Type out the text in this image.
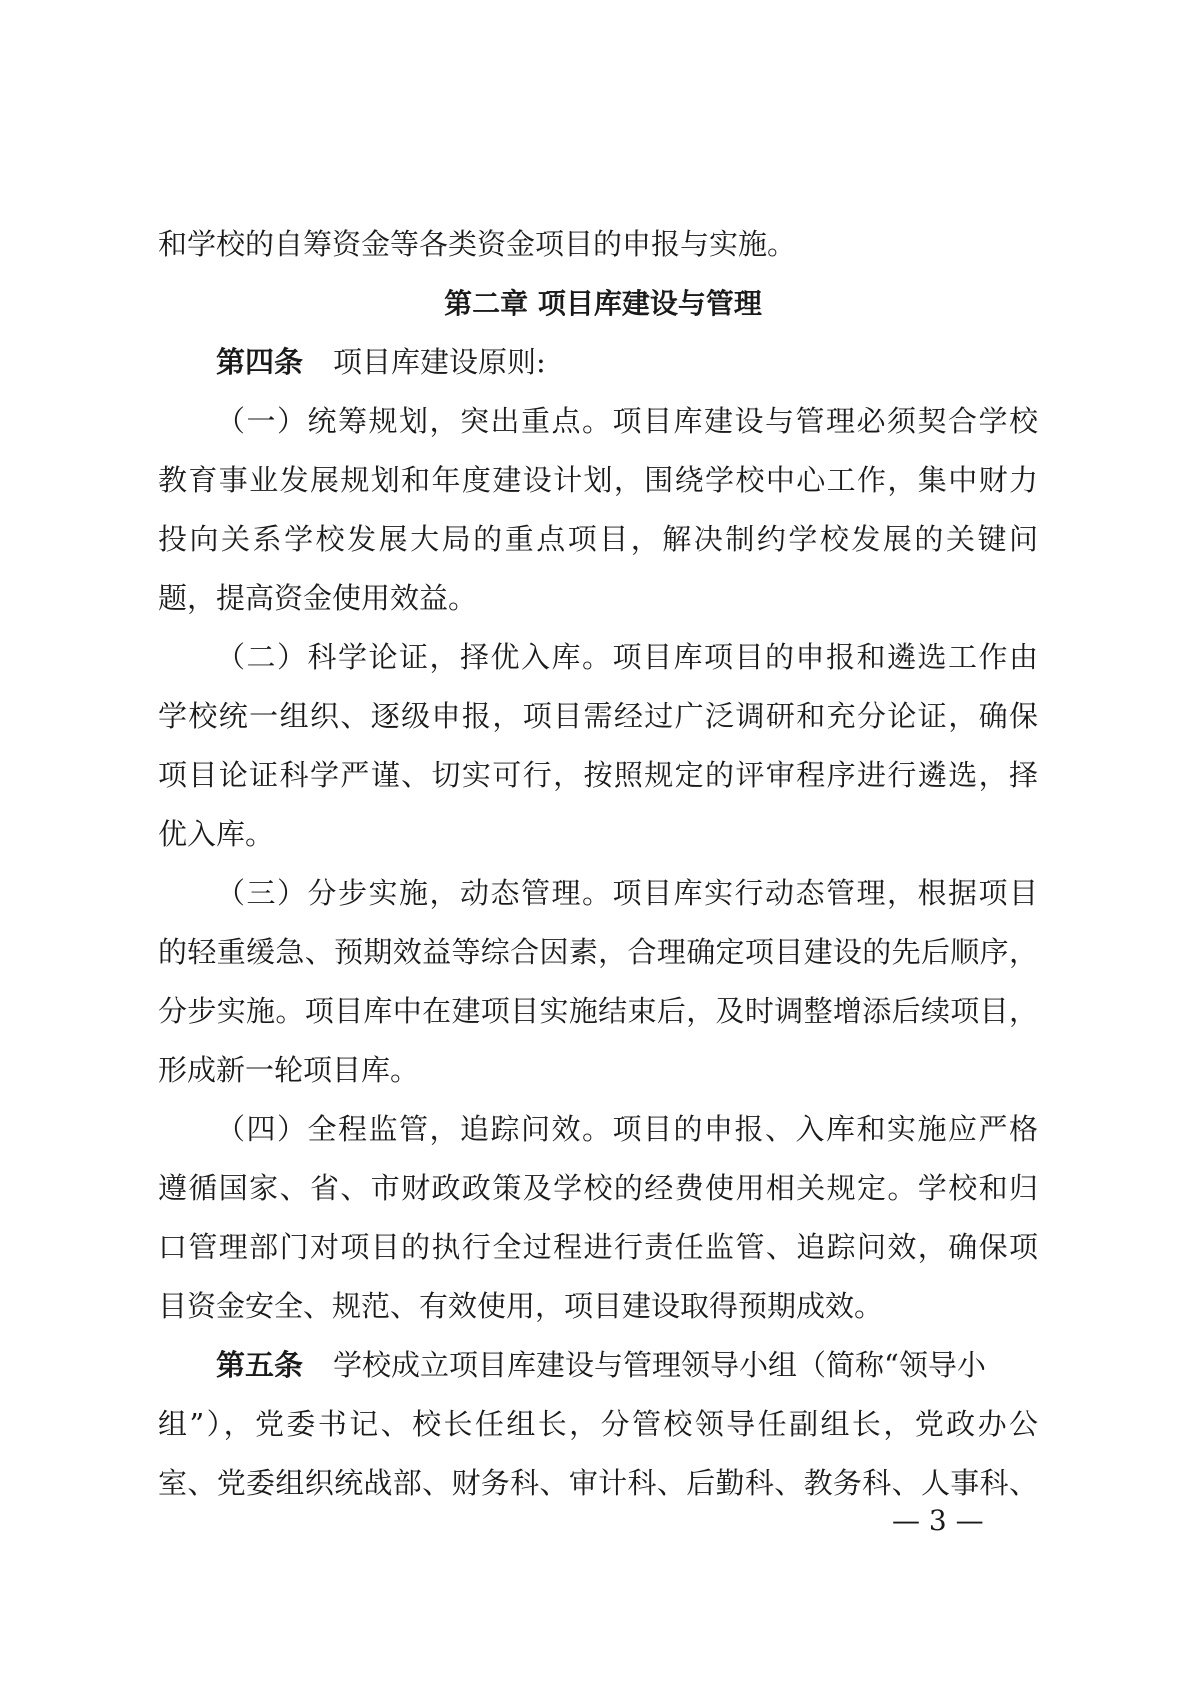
和学校的自筹资金等各类资金项目的申报与实施。
第二章 项目库建设与管理
第四条 项目库建设原则:
（一）统筹规划，突出重点。项目库建设与管理必须契合学校
教育事业发展规划和年度建设计划，围绕学校中心工作，集中财力
投向关系学校发展大局的重点项目，解决制约学校发展的关键问
题，提高资金使用效益。
（二）科学论证，择优入库。项目库项目的申报和遴选工作由
学校统一组织、逐级申报，项目需经过广泛调研和充分论证，确保
项目论证科学严谨、切实可行，按照规定的评审程序进行遴选，择
优入库。
（三）分步实施，动态管理。项目库实行动态管理，根据项目
的轻重缓急、预期效益等综合因素，合理确定项目建设的先后顺序，
分步实施。项目库中在建项目实施结束后，及时调整增添后续项目，
形成新一轮项目库。
（四）全程监管，追踪问效。项目的申报、入库和实施应严格
遵循国家、省、市财政政策及学校的经费使用相关规定。学校和归
口管理部门对项目的执行全过程进行责任监管、追踪问效，确保项
目资金安全、规范、有效使用，项目建设取得预期成效。
第五条 学校成立项目库建设与管理领导小组（简称“领导小
组”），党委书记、校长任组长，分管校领导任副组长，党政办公
室、党委组织统战部、财务科、审计科、后勤科、教务科、人事科、
— 3 —
